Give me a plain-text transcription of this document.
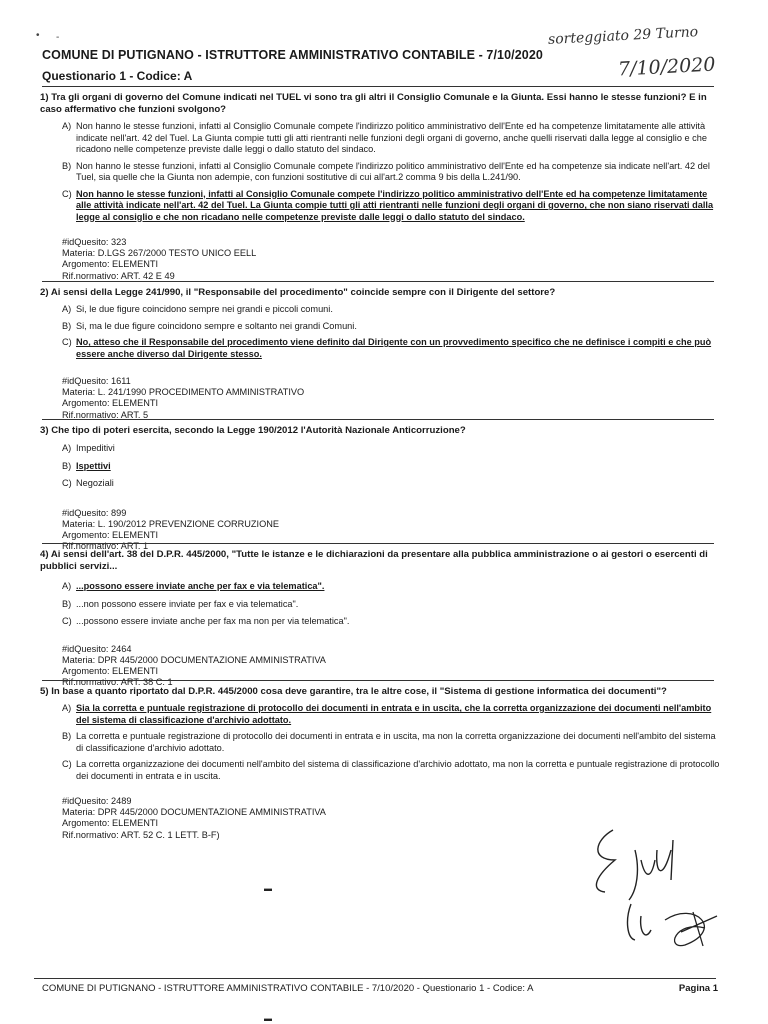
• ‑
COMUNE DI PUTIGNANO - ISTRUTTORE AMMINISTRATIVO CONTABILE - 7/10/2020
Questionario 1 - Codice: A
sorteggiato 29 Turno
7/10/2020
1) Tra gli organi di governo del Comune indicati nel TUEL vi sono tra gli altri il Consiglio Comunale e la Giunta. Essi hanno le stesse funzioni? E in caso affermativo che funzioni svolgono?
A) Non hanno le stesse funzioni, infatti al Consiglio Comunale compete l'indirizzo politico amministrativo dell'Ente ed ha competenze limitatamente alle attività indicate nell'art. 42 del Tuel. La Giunta compie tutti gli atti rientranti nelle funzioni degli organi di governo, anche quelli riservati dalla legge al consiglio e che ricadono nelle competenze previste dalle leggi o dallo statuto del sindaco.
B) Non hanno le stesse funzioni, infatti al Consiglio Comunale compete l'indirizzo politico amministrativo dell'Ente ed ha competenze sia indicate nell'art. 42 del Tuel, sia quelle che la Giunta non adempie, con funzioni sostitutive di cui all'art.2 comma 9 bis della L.241/90.
C) Non hanno le stesse funzioni, infatti al Consiglio Comunale compete l'indirizzo politico amministrativo dell'Ente ed ha competenze limitatamente alle attività indicate nell'art. 42 del Tuel. La Giunta compie tutti gli atti rientranti nelle funzioni degli organi di governo, che non siano riservati dalla legge al consiglio e che non ricadano nelle competenze previste dalle leggi o dallo statuto del sindaco.
#idQuesito: 323
Materia: D.LGS 267/2000 TESTO UNICO EELL
Argomento: ELEMENTI
Rif.normativo: ART. 42 E 49
2) Ai sensi della Legge 241/990, il "Responsabile del procedimento" coincide sempre con il Dirigente del settore?
A) Si, le due figure coincidono sempre nei grandi e piccoli comuni.
B) Si, ma le due figure coincidono sempre e soltanto nei grandi Comuni.
C) No, atteso che il Responsabile del procedimento viene definito dal Dirigente con un provvedimento specifico che ne definisce i compiti e che può essere anche diverso dal Dirigente stesso.
#idQuesito: 1611
Materia: L. 241/1990 PROCEDIMENTO AMMINISTRATIVO
Argomento: ELEMENTI
Rif.normativo: ART. 5
3) Che tipo di poteri esercita, secondo la Legge 190/2012 l'Autorità Nazionale Anticorruzione?
A) Impeditivi
B) Ispettivi
C) Negoziali
#idQuesito: 899
Materia: L. 190/2012 PREVENZIONE CORRUZIONE
Argomento: ELEMENTI
Rif.normativo: ART. 1
4) Ai sensi dell'art. 38 del D.P.R. 445/2000, "Tutte le istanze e le dichiarazioni da presentare alla pubblica amministrazione o ai gestori o esercenti di pubblici servizi...
A) ...possono essere inviate anche per fax e via telematica".
B) ...non possono essere inviate per fax e via telematica".
C) ...possono essere inviate anche per fax ma non per via telematica".
#idQuesito: 2464
Materia: DPR 445/2000 DOCUMENTAZIONE AMMINISTRATIVA
Argomento: ELEMENTI
Rif.normativo: ART. 38 C. 1
5) In base a quanto riportato dal D.P.R. 445/2000 cosa deve garantire, tra le altre cose, il "Sistema di gestione informatica dei documenti"?
A) Sia la corretta e puntuale registrazione di protocollo dei documenti in entrata e in uscita, che la corretta organizzazione dei documenti nell'ambito del sistema di classificazione d'archivio adottato.
B) La corretta e puntuale registrazione di protocollo dei documenti in entrata e in uscita, ma non la corretta organizzazione dei documenti nell'ambito del sistema di classificazione d'archivio adottato.
C) La corretta organizzazione dei documenti nell'ambito del sistema di classificazione d'archivio adottato, ma non la corretta e puntuale registrazione di protocollo dei documenti in entrata e in uscita.
#idQuesito: 2489
Materia: DPR 445/2000 DOCUMENTAZIONE AMMINISTRATIVA
Argomento: ELEMENTI
Rif.normativo: ART. 52 C. 1 LETT. B-F)
▬
▬
COMUNE DI PUTIGNANO - ISTRUTTORE AMMINISTRATIVO CONTABILE - 7/10/2020 - Questionario 1 - Codice: A	Pagina 1
